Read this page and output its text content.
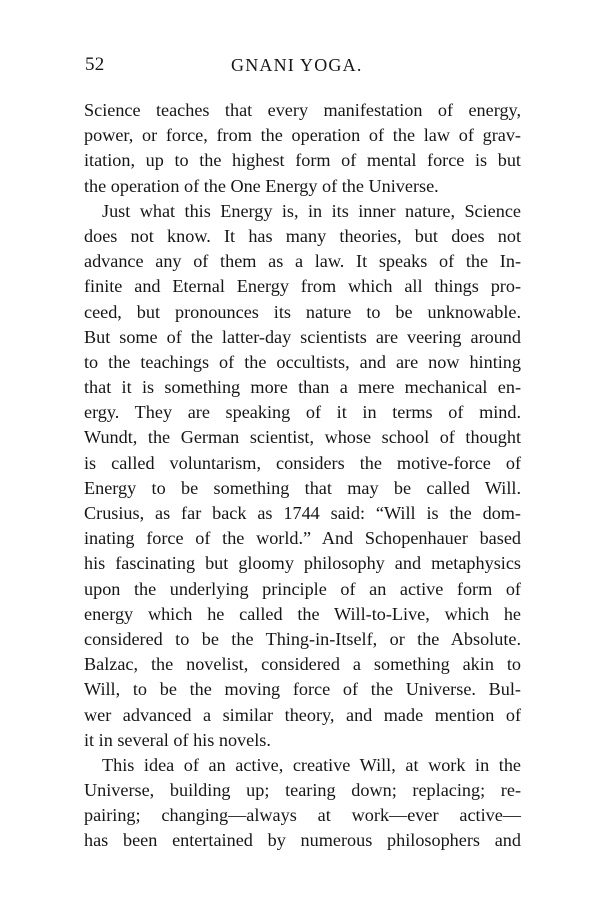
52	GNANI YOGA.
Science teaches that every manifestation of energy,
power, or force, from the operation of the law of grav-
itation, up to the highest form of mental force is but
the operation of the One Energy of the Universe.
Just what this Energy is, in its inner nature, Science
does not know. It has many theories, but does not
advance any of them as a law. It speaks of the In-
finite and Eternal Energy from which all things pro-
ceed, but pronounces its nature to be unknowable.
But some of the latter-day scientists are veering around
to the teachings of the occultists, and are now hinting
that it is something more than a mere mechanical en-
ergy. They are speaking of it in terms of mind.
Wundt, the German scientist, whose school of thought
is called voluntarism, considers the motive-force of
Energy to be something that may be called Will.
Crusius, as far back as 1744 said: “Will is the dom-
inating force of the world.” And Schopenhauer based
his fascinating but gloomy philosophy and metaphysics
upon the underlying principle of an active form of
energy which he called the Will-to-Live, which he
considered to be the Thing-in-Itself, or the Absolute.
Balzac, the novelist, considered a something akin to
Will, to be the moving force of the Universe. Bul-
wer advanced a similar theory, and made mention of
it in several of his novels.
This idea of an active, creative Will, at work in the
Universe, building up; tearing down; replacing; re-
pairing; changing—always at work—ever active—
has been entertained by numerous philosophers and
